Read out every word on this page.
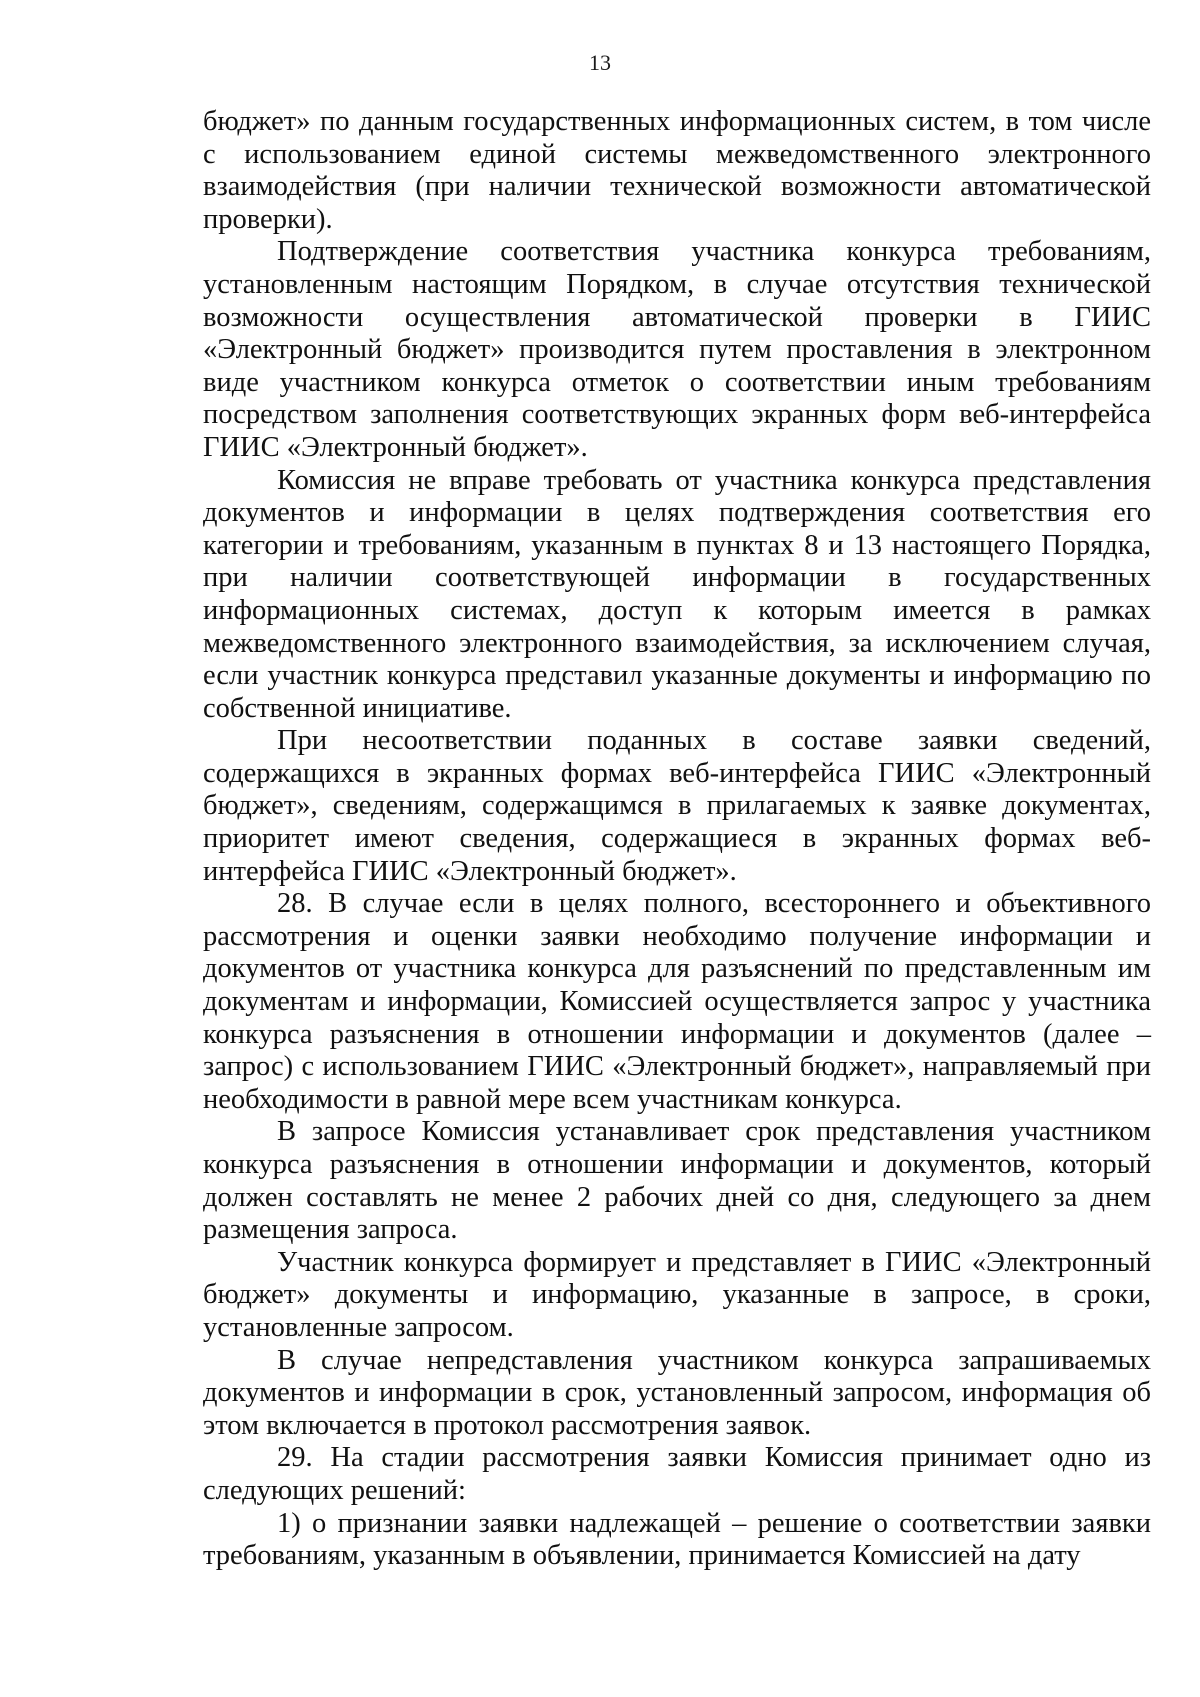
13

бюджет» по данным государственных информационных систем, в том числе с использованием единой системы межведомственного электронного взаимодействия (при наличии технической возможности автоматической проверки).

Подтверждение соответствия участника конкурса требованиям, установленным настоящим Порядком, в случае отсутствия технической возможности осуществления автоматической проверки в ГИИС «Электронный бюджет» производится путем проставления в электронном виде участником конкурса отметок о соответствии иным требованиям посредством заполнения соответствующих экранных форм веб-интерфейса ГИИС «Электронный бюджет».

Комиссия не вправе требовать от участника конкурса представления документов и информации в целях подтверждения соответствия его категории и требованиям, указанным в пунктах 8 и 13 настоящего Порядка, при наличии соответствующей информации в государственных информационных системах, доступ к которым имеется в рамках межведомственного электронного взаимодействия, за исключением случая, если участник конкурса представил указанные документы и информацию по собственной инициативе.

При несоответствии поданных в составе заявки сведений, содержащихся в экранных формах веб-интерфейса ГИИС «Электронный бюджет», сведениям, содержащимся в прилагаемых к заявке документах, приоритет имеют сведения, содержащиеся в экранных формах веб-интерфейса ГИИС «Электронный бюджет».

28. В случае если в целях полного, всестороннего и объективного рассмотрения и оценки заявки необходимо получение информации и документов от участника конкурса для разъяснений по представленным им документам и информации, Комиссией осуществляется запрос у участника конкурса разъяснения в отношении информации и документов (далее – запрос) с использованием ГИИС «Электронный бюджет», направляемый при необходимости в равной мере всем участникам конкурса.

В запросе Комиссия устанавливает срок представления участником конкурса разъяснения в отношении информации и документов, который должен составлять не менее 2 рабочих дней со дня, следующего за днем размещения запроса.

Участник конкурса формирует и представляет в ГИИС «Электронный бюджет» документы и информацию, указанные в запросе, в сроки, установленные запросом.

В случае непредставления участником конкурса запрашиваемых документов и информации в срок, установленный запросом, информация об этом включается в протокол рассмотрения заявок.

29. На стадии рассмотрения заявки Комиссия принимает одно из следующих решений:

1) о признании заявки надлежащей – решение о соответствии заявки требованиям, указанным в объявлении, принимается Комиссией на дату
